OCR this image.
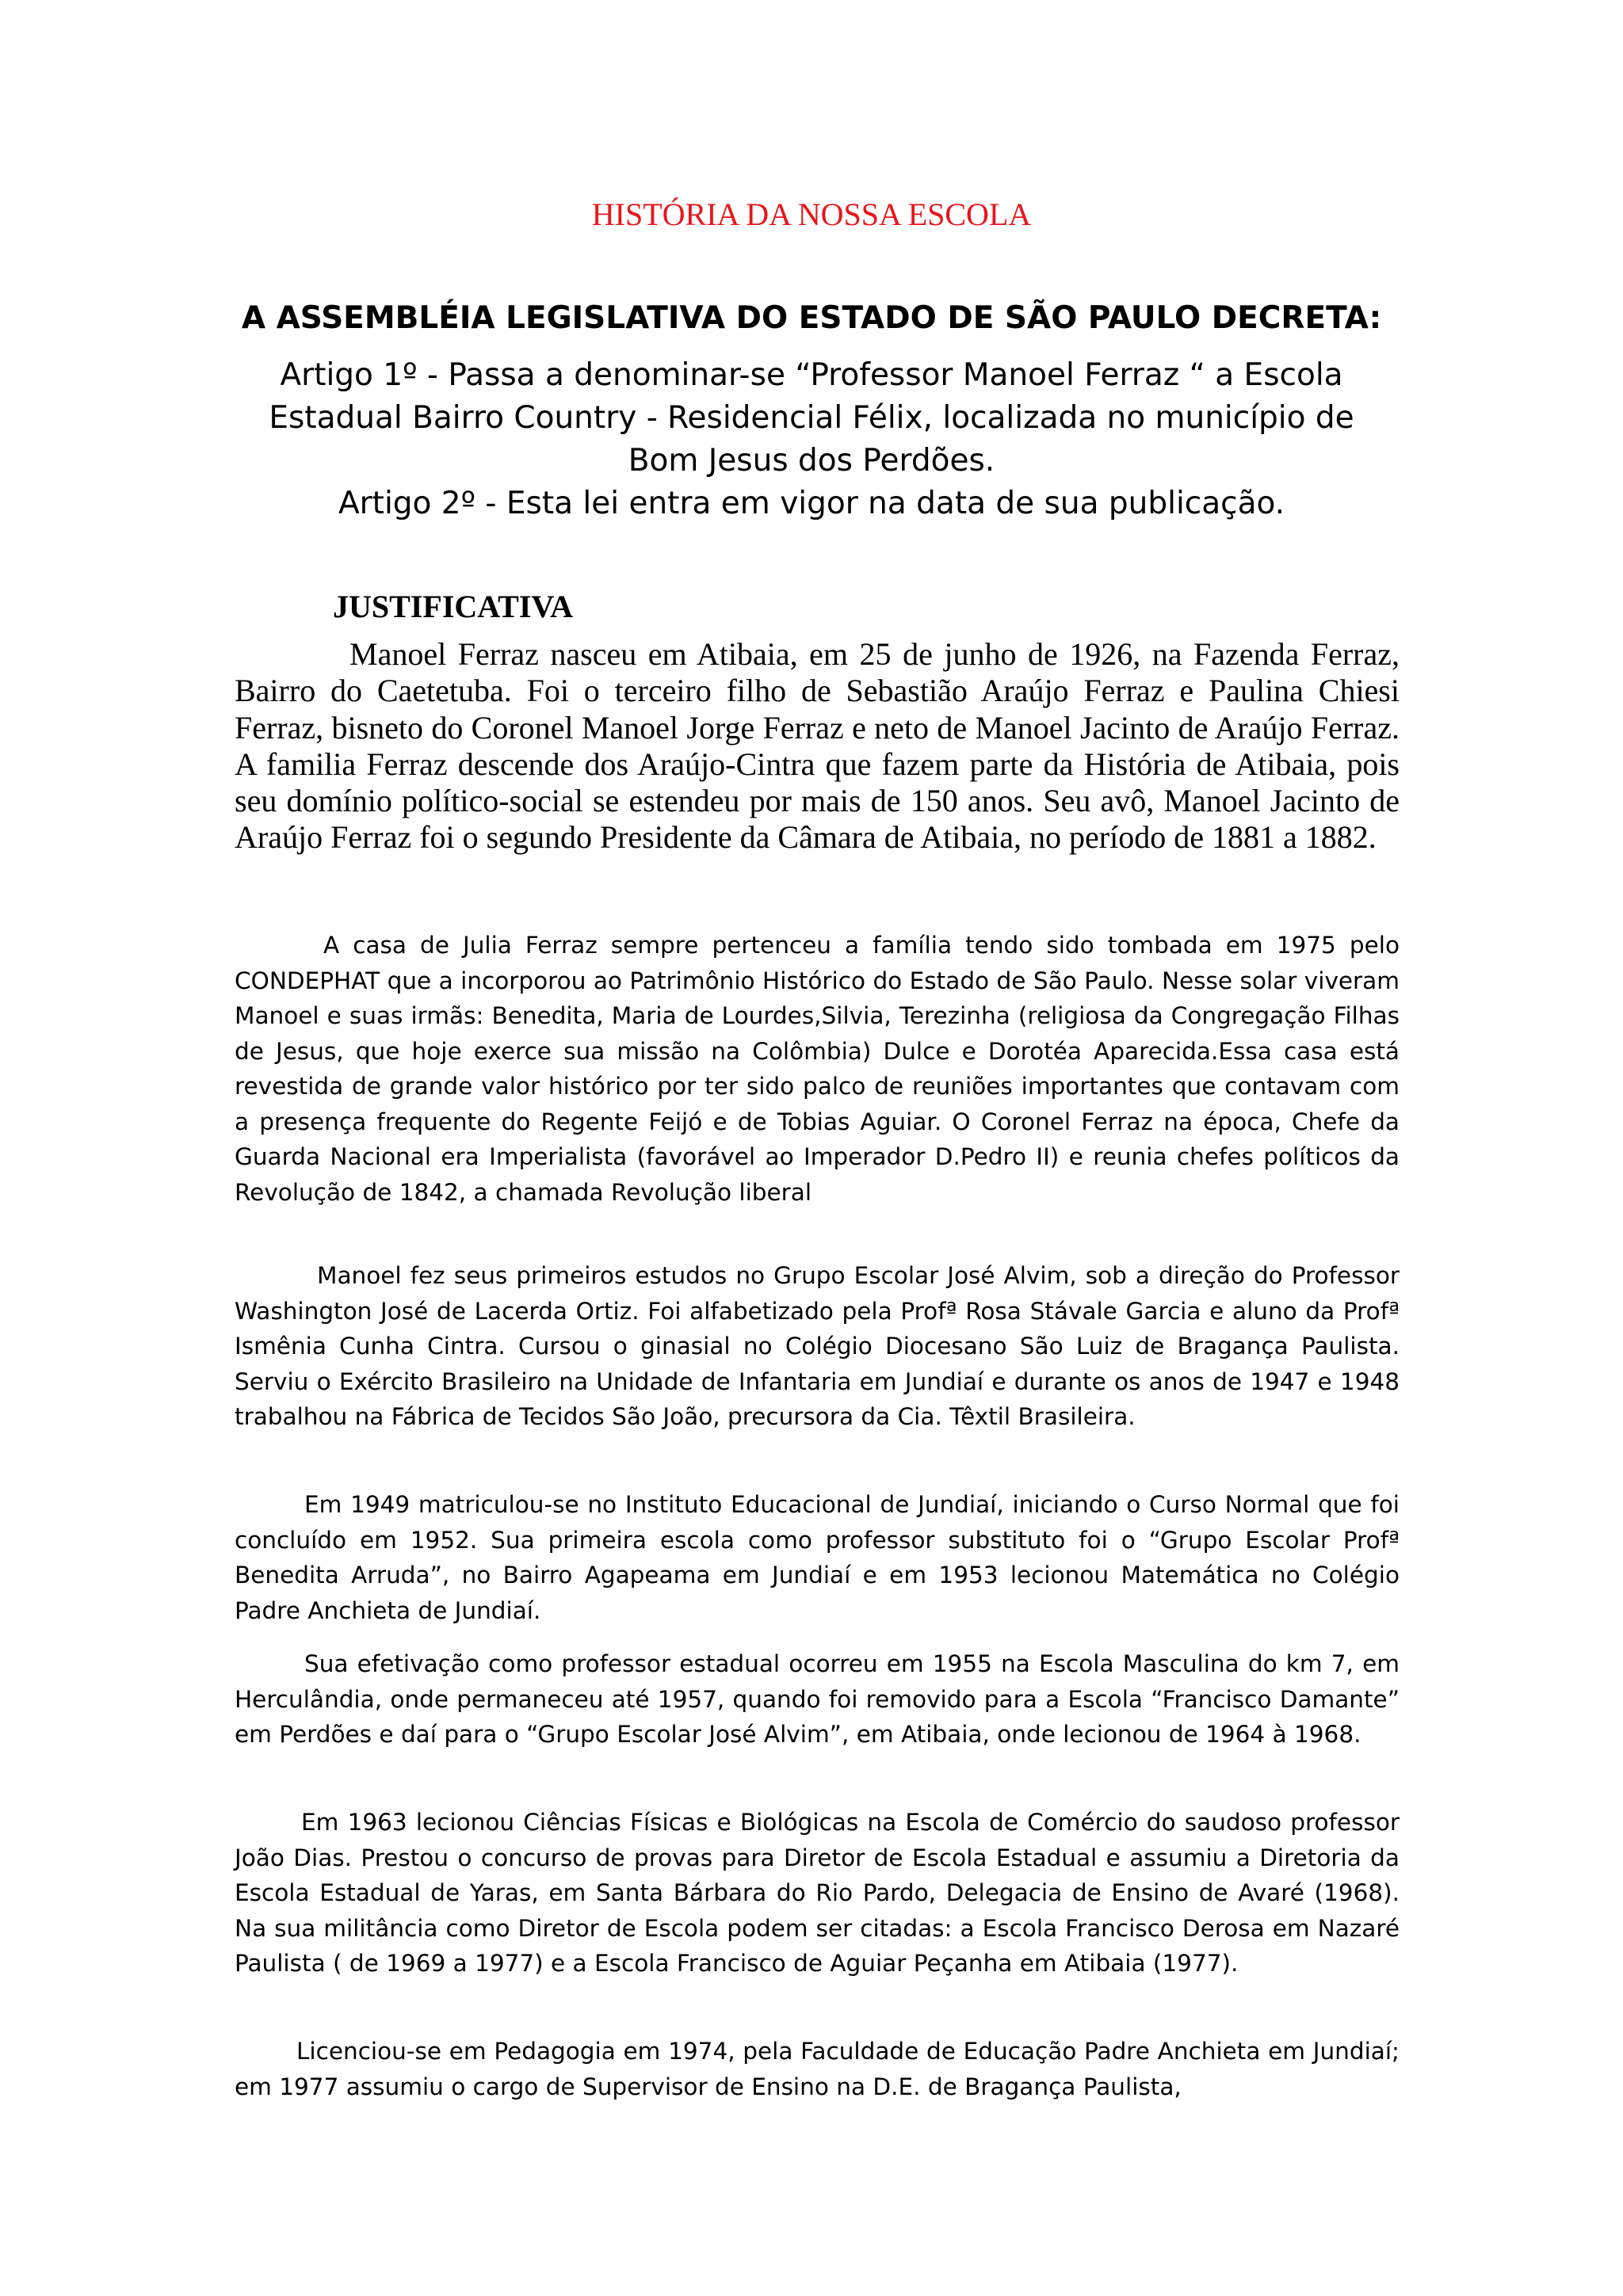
HISTÓRIA DA NOSSA ESCOLA
A ASSEMBLÉIA LEGISLATIVA DO ESTADO DE SÃO PAULO DECRETA:
Artigo 1º - Passa a denominar-se “Professor Manoel Ferraz “ a Escola Estadual Bairro Country - Residencial Félix, localizada no município de Bom Jesus dos Perdões.
Artigo 2º - Esta lei entra em vigor na data de sua publicação.
JUSTIFICATIVA
Manoel Ferraz nasceu em Atibaia, em 25 de junho de 1926, na Fazenda Ferraz, Bairro do Caetetuba. Foi o terceiro filho de Sebastião Araújo Ferraz e Paulina Chiesi Ferraz, bisneto do Coronel Manoel Jorge Ferraz e neto de Manoel Jacinto de Araújo Ferraz. A familia Ferraz descende dos Araújo-Cintra que fazem parte da História de Atibaia, pois seu domínio político-social se estendeu por mais de 150 anos. Seu avô, Manoel Jacinto de Araújo Ferraz foi o segundo Presidente da Câmara de Atibaia, no período de 1881 a 1882.
A casa de Julia Ferraz sempre pertenceu a família tendo sido tombada em 1975 pelo CONDEPHAT que a incorporou ao Patrimônio Histórico do Estado de São Paulo. Nesse solar viveram Manoel e suas irmãs: Benedita, Maria de Lourdes,Silvia, Terezinha (religiosa da Congregação Filhas de Jesus, que hoje exerce sua missão na Colômbia) Dulce e Dorotéa Aparecida.Essa casa está revestida de grande valor histórico por ter sido palco de reuniões importantes que contavam com a presença frequente do Regente Feijó e de Tobias Aguiar. O Coronel Ferraz na época, Chefe da Guarda Nacional era Imperialista (favorável ao Imperador D.Pedro II) e reunia chefes políticos da Revolução de 1842, a chamada Revolução liberal
Manoel fez seus primeiros estudos no Grupo Escolar José Alvim, sob a direção do Professor Washington José de Lacerda Ortiz. Foi alfabetizado pela Profª Rosa Stávale Garcia e aluno da Profª Ismênia Cunha Cintra. Cursou o ginasial no Colégio Diocesano São Luiz de Bragança Paulista. Serviu o Exército Brasileiro na Unidade de Infantaria em Jundiaí e durante os anos de 1947 e 1948 trabalhou na Fábrica de Tecidos São João, precursora da Cia. Têxtil Brasileira.
Em 1949 matriculou-se no Instituto Educacional de Jundiaí, iniciando o Curso Normal que foi concluído em 1952. Sua primeira escola como professor substituto foi o “Grupo Escolar Profª Benedita Arruda”, no Bairro Agapeama em Jundiaí e em 1953 lecionou Matemática no Colégio Padre Anchieta de Jundiaí.
Sua efetivação como professor estadual ocorreu em 1955 na Escola Masculina do km 7, em Herculândia, onde permaneceu até 1957, quando foi removido para a Escola “Francisco Damante” em Perdões e daí para o “Grupo Escolar José Alvim”, em Atibaia, onde lecionou de 1964 à 1968.
Em 1963 lecionou Ciências Físicas e Biológicas na Escola de Comércio do saudoso professor João Dias. Prestou o concurso de provas para Diretor de Escola Estadual e assumiu a Diretoria da Escola Estadual de Yaras, em Santa Bárbara do Rio Pardo, Delegacia de Ensino de Avaré (1968). Na sua militância como Diretor de Escola podem ser citadas: a Escola Francisco Derosa em Nazaré Paulista ( de 1969 a 1977) e a Escola Francisco de Aguiar Peçanha em Atibaia (1977).
Licenciou-se em Pedagogia em 1974, pela Faculdade de Educação Padre Anchieta em Jundiaí; em 1977 assumiu o cargo de Supervisor de Ensino na D.E. de Bragança Paulista,
